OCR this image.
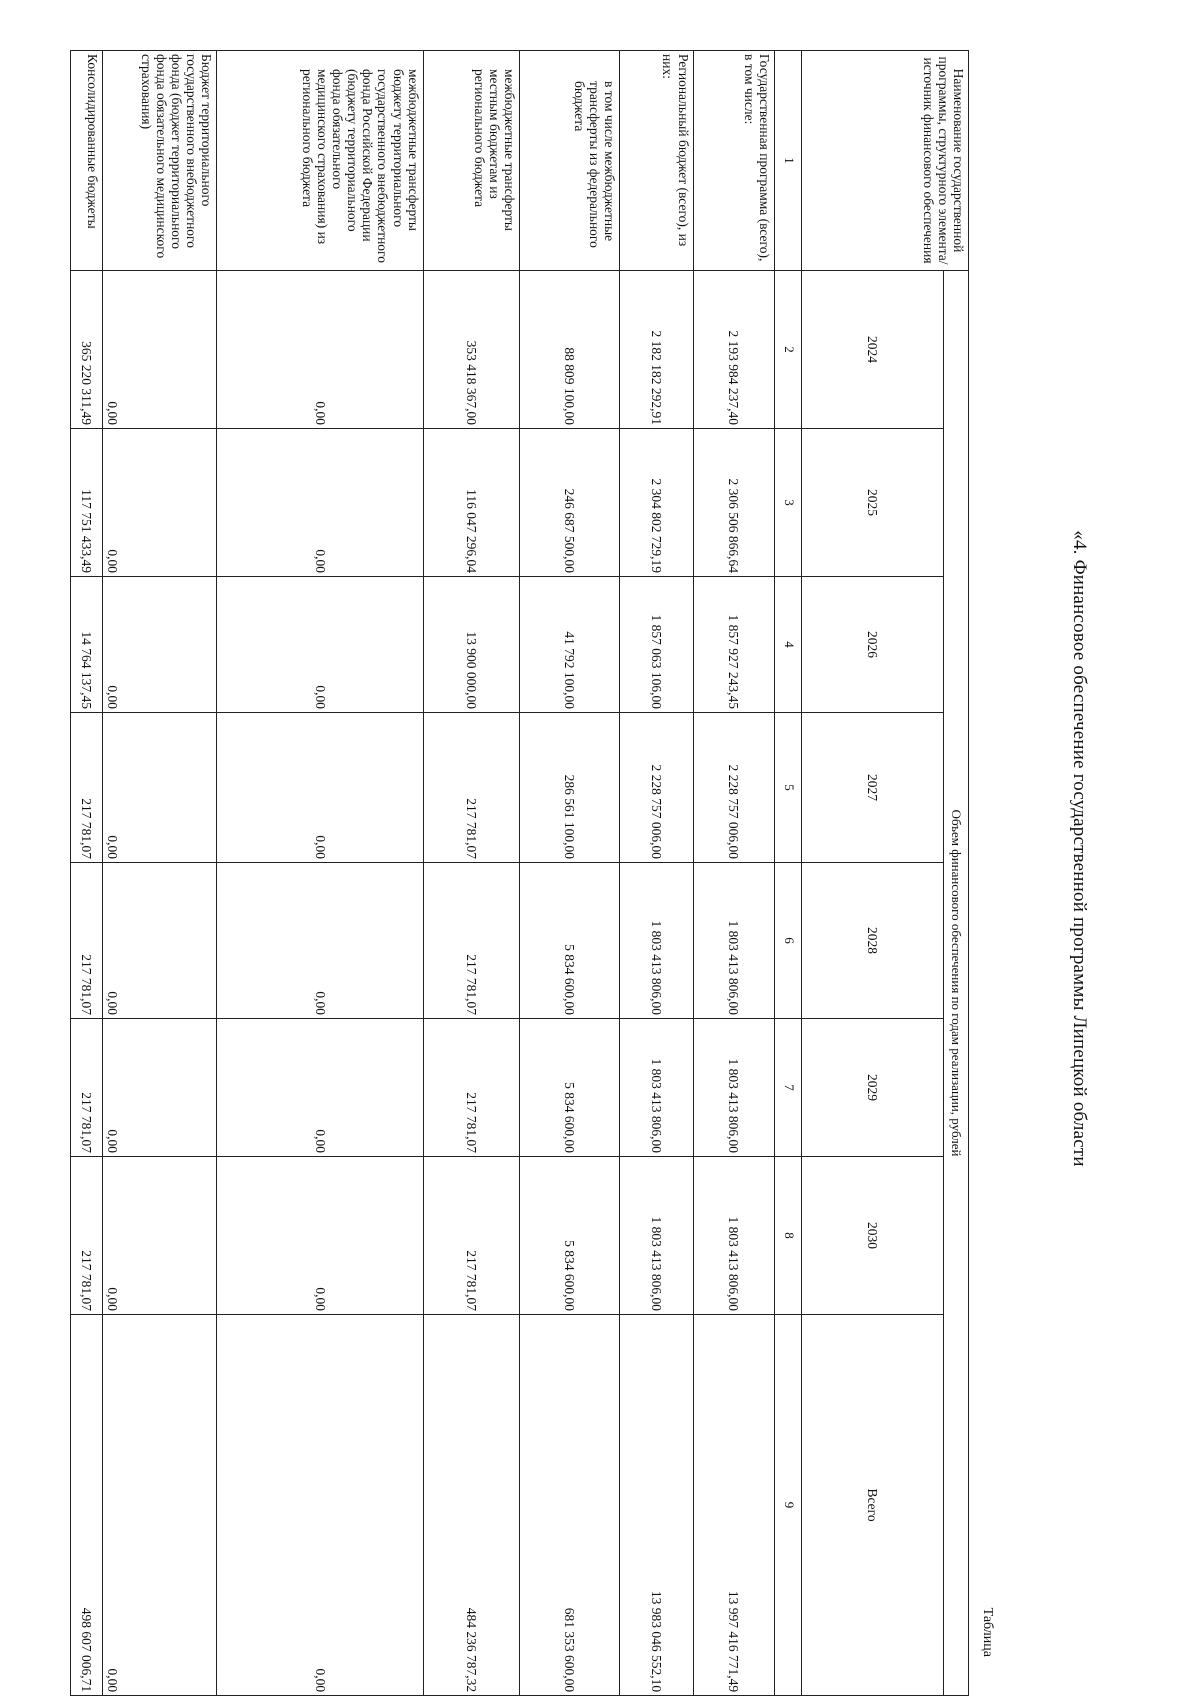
«4. Финансовое обеспечение государственной программы Липецкой области
Таблица
Наименование государственной программы, структурного элемента/источник финансового обеспечения	Объем финансового обеспечения по годам реализации, рублей							
	2024	2025	2026	2027	2028	2029	2030	Всего
1	2	3	4	5	6	7	8	9
Государственная программа (всего), в том числе:	2 193 984 237,40	2 306 506 866,64	1 857 927 243,45	2 228 757 006,00	1 803 413 806,00	1 803 413 806,00	1 803 413 806,00	13 997 416 771,49
Региональный бюджет (всего), из них:	2 182 182 292,91	2 304 802 729,19	1 857 063 106,00	2 228 757 006,00	1 803 413 806,00	1 803 413 806,00	1 803 413 806,00	13 983 046 552,10
в том числе межбюджетные трансферты из федерального бюджета	88 809 100,00	246 687 500,00	41 792 100,00	286 561 100,00	5 834 600,00	5 834 600,00	5 834 600,00	681 353 600,00
межбюджетные трансферты местным бюджетам из регионального бюджета	353 418 367,00	116 047 296,04	13 900 000,00	217 781,07	217 781,07	217 781,07	217 781,07	484 236 787,32
межбюджетные трансферты бюджету территориального государственного внебюджетного фонда Российской Федерации (бюджету территориального фонда обязательного медицинского страхования) из регионального бюджета	0,00	0,00	0,00	0,00	0,00	0,00	0,00	0,00
Бюджет территориального государственного внебюджетного фонда (бюджет территориального фонда обязательного медицинского страхования)	0,00	0,00	0,00	0,00	0,00	0,00	0,00	0,00
Консолидированные бюджеты	365 220 311,49	117 751 433,49	14 764 137,45	217 781,07	217 781,07	217 781,07	217 781,07	498 607 006,71
